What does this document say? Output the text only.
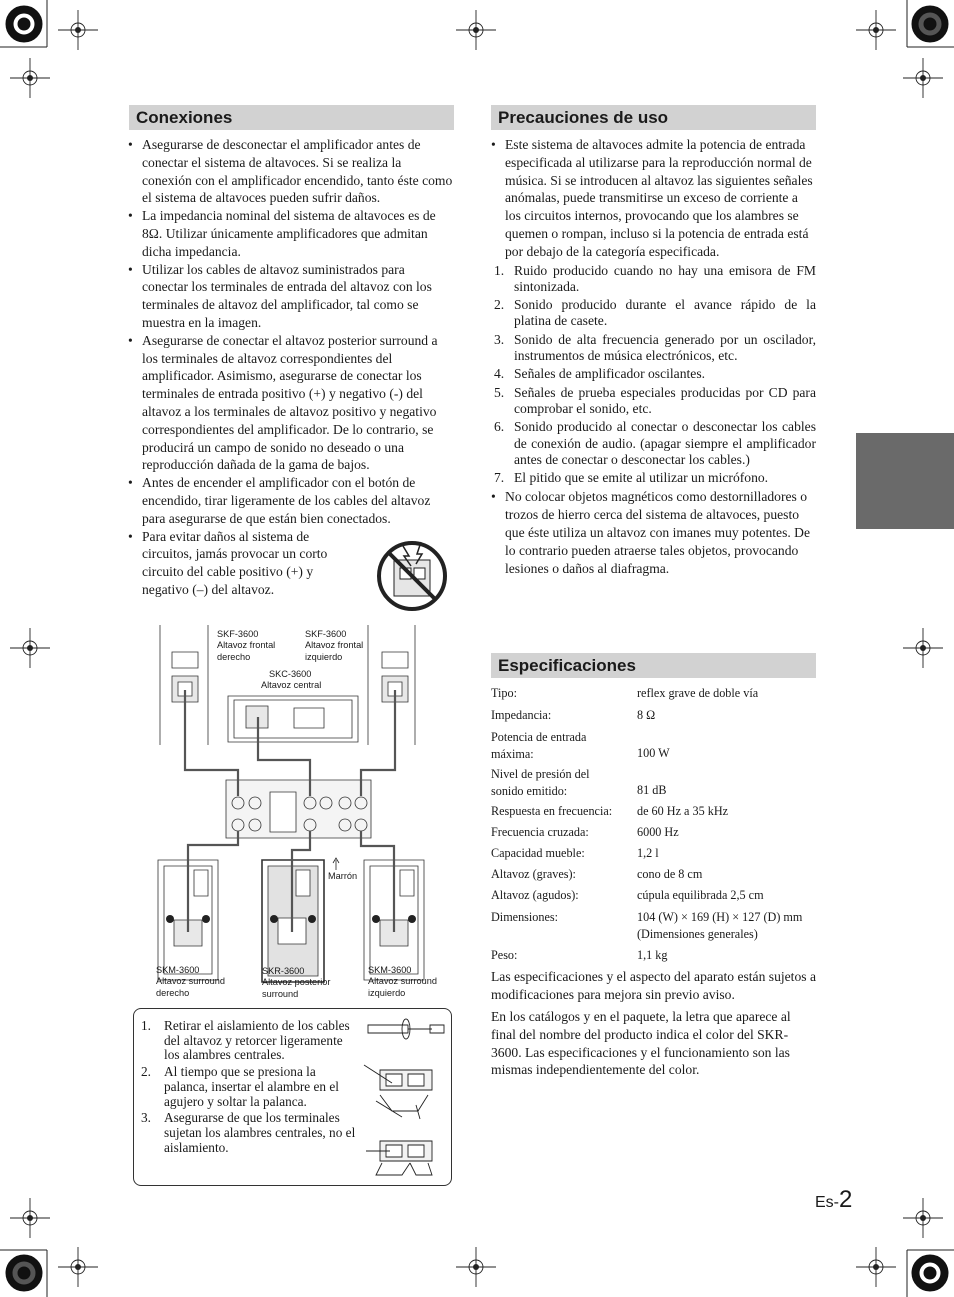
Conexiones
• Asegurarse de desconectar el amplificador antes de conectar el sistema de altavoces. Si se realiza la conexión con el amplificador encendido, tanto éste como el sistema de altavoces pueden sufrir daños.
• La impedancia nominal del sistema de altavoces es de 8Ω. Utilizar únicamente amplificadores que admitan dicha impedancia.
• Utilizar los cables de altavoz suministrados para conectar los terminales de entrada del altavoz con los terminales de altavoz del amplificador, tal como se muestra en la imagen.
• Asegurarse de conectar el altavoz posterior surround a los terminales de altavoz correspondientes del amplificador. Asimismo, asegurarse de conectar los terminales de entrada positivo (+) y negativo (-) del altavoz a los terminales de altavoz positivo y negativo correspondientes del amplificador. De lo contrario, se producirá un campo de sonido no deseado o una reproducción dañada de la gama de bajos.
• Antes de encender el amplificador con el botón de encendido, tirar ligeramente de los cables del altavoz para asegurarse de que están bien conectados.
• Para evitar daños al sistema de
circuitos, jamás provocar un corto
circuito del cable positivo (+) y
negativo (–) del altavoz.
SKF-3600
Altavoz frontal
derecho
SKF-3600
Altavoz frontal
izquierdo
SKC-3600
Altavoz central
Marrón
SKM-3600
Altavoz surround
derecho
SKR-3600
Altavoz posterior
surround
SKM-3600
Altavoz surround
izquierdo
1. Retirar el aislamiento de los cables del altavoz y retorcer ligeramente los alambres centrales.
2. Al tiempo que se presiona la palanca, insertar el alambre en el agujero y soltar la palanca.
3. Asegurarse de que los terminales sujetan los alambres centrales, no el aislamiento.
Precauciones de uso
• Este sistema de altavoces admite la potencia de entrada especificada al utilizarse para la reproducción normal de música. Si se introducen al altavoz las siguientes señales anómalas, puede transmitirse un exceso de corriente a los circuitos internos, provocando que los alambres se quemen o rompan, incluso si la potencia de entrada está por debajo de la categoría especificada.
1. Ruido producido cuando no hay una emisora de FM sintonizada.
2. Sonido producido durante el avance rápido de la platina de casete.
3. Sonido de alta frecuencia generado por un oscilador, instrumentos de música electrónicos, etc.
4. Señales de amplificador oscilantes.
5. Señales de prueba especiales producidas por CD para comprobar el sonido, etc.
6. Sonido producido al conectar o desconectar los cables de conexión de audio. (apagar siempre el amplificador antes de conectar o desconectar los cables.)
7. El pitido que se emite al utilizar un micrófono.
• No colocar objetos magnéticos como destornilladores o trozos de hierro cerca del sistema de altavoces, puesto que éste utiliza un altavoz con imanes muy potentes. De lo contrario pueden atraerse tales objetos, provocando lesiones o daños al diafragma.
Especificaciones
Tipo:	reflex grave de doble vía
Impedancia:	8 Ω
Potencia de entrada máxima:	100 W
Nivel de presión del sonido emitido:	81 dB
Respuesta en frecuencia:	de 60 Hz a 35 kHz
Frecuencia cruzada:	6000 Hz
Capacidad mueble:	1,2 l
Altavoz (graves):	cono de 8 cm
Altavoz (agudos):	cúpula equilibrada 2,5 cm
Dimensiones:	104 (W) × 169 (H) × 127 (D) mm (Dimensiones generales)
Peso:	1,1 kg
Las especificaciones y el aspecto del aparato están sujetos a modificaciones para mejora sin previo aviso.
En los catálogos y en el paquete, la letra que aparece al final del nombre del producto indica el color del SKR-3600. Las especificaciones y el funcionamiento son las mismas independientemente del color.
Es-2
